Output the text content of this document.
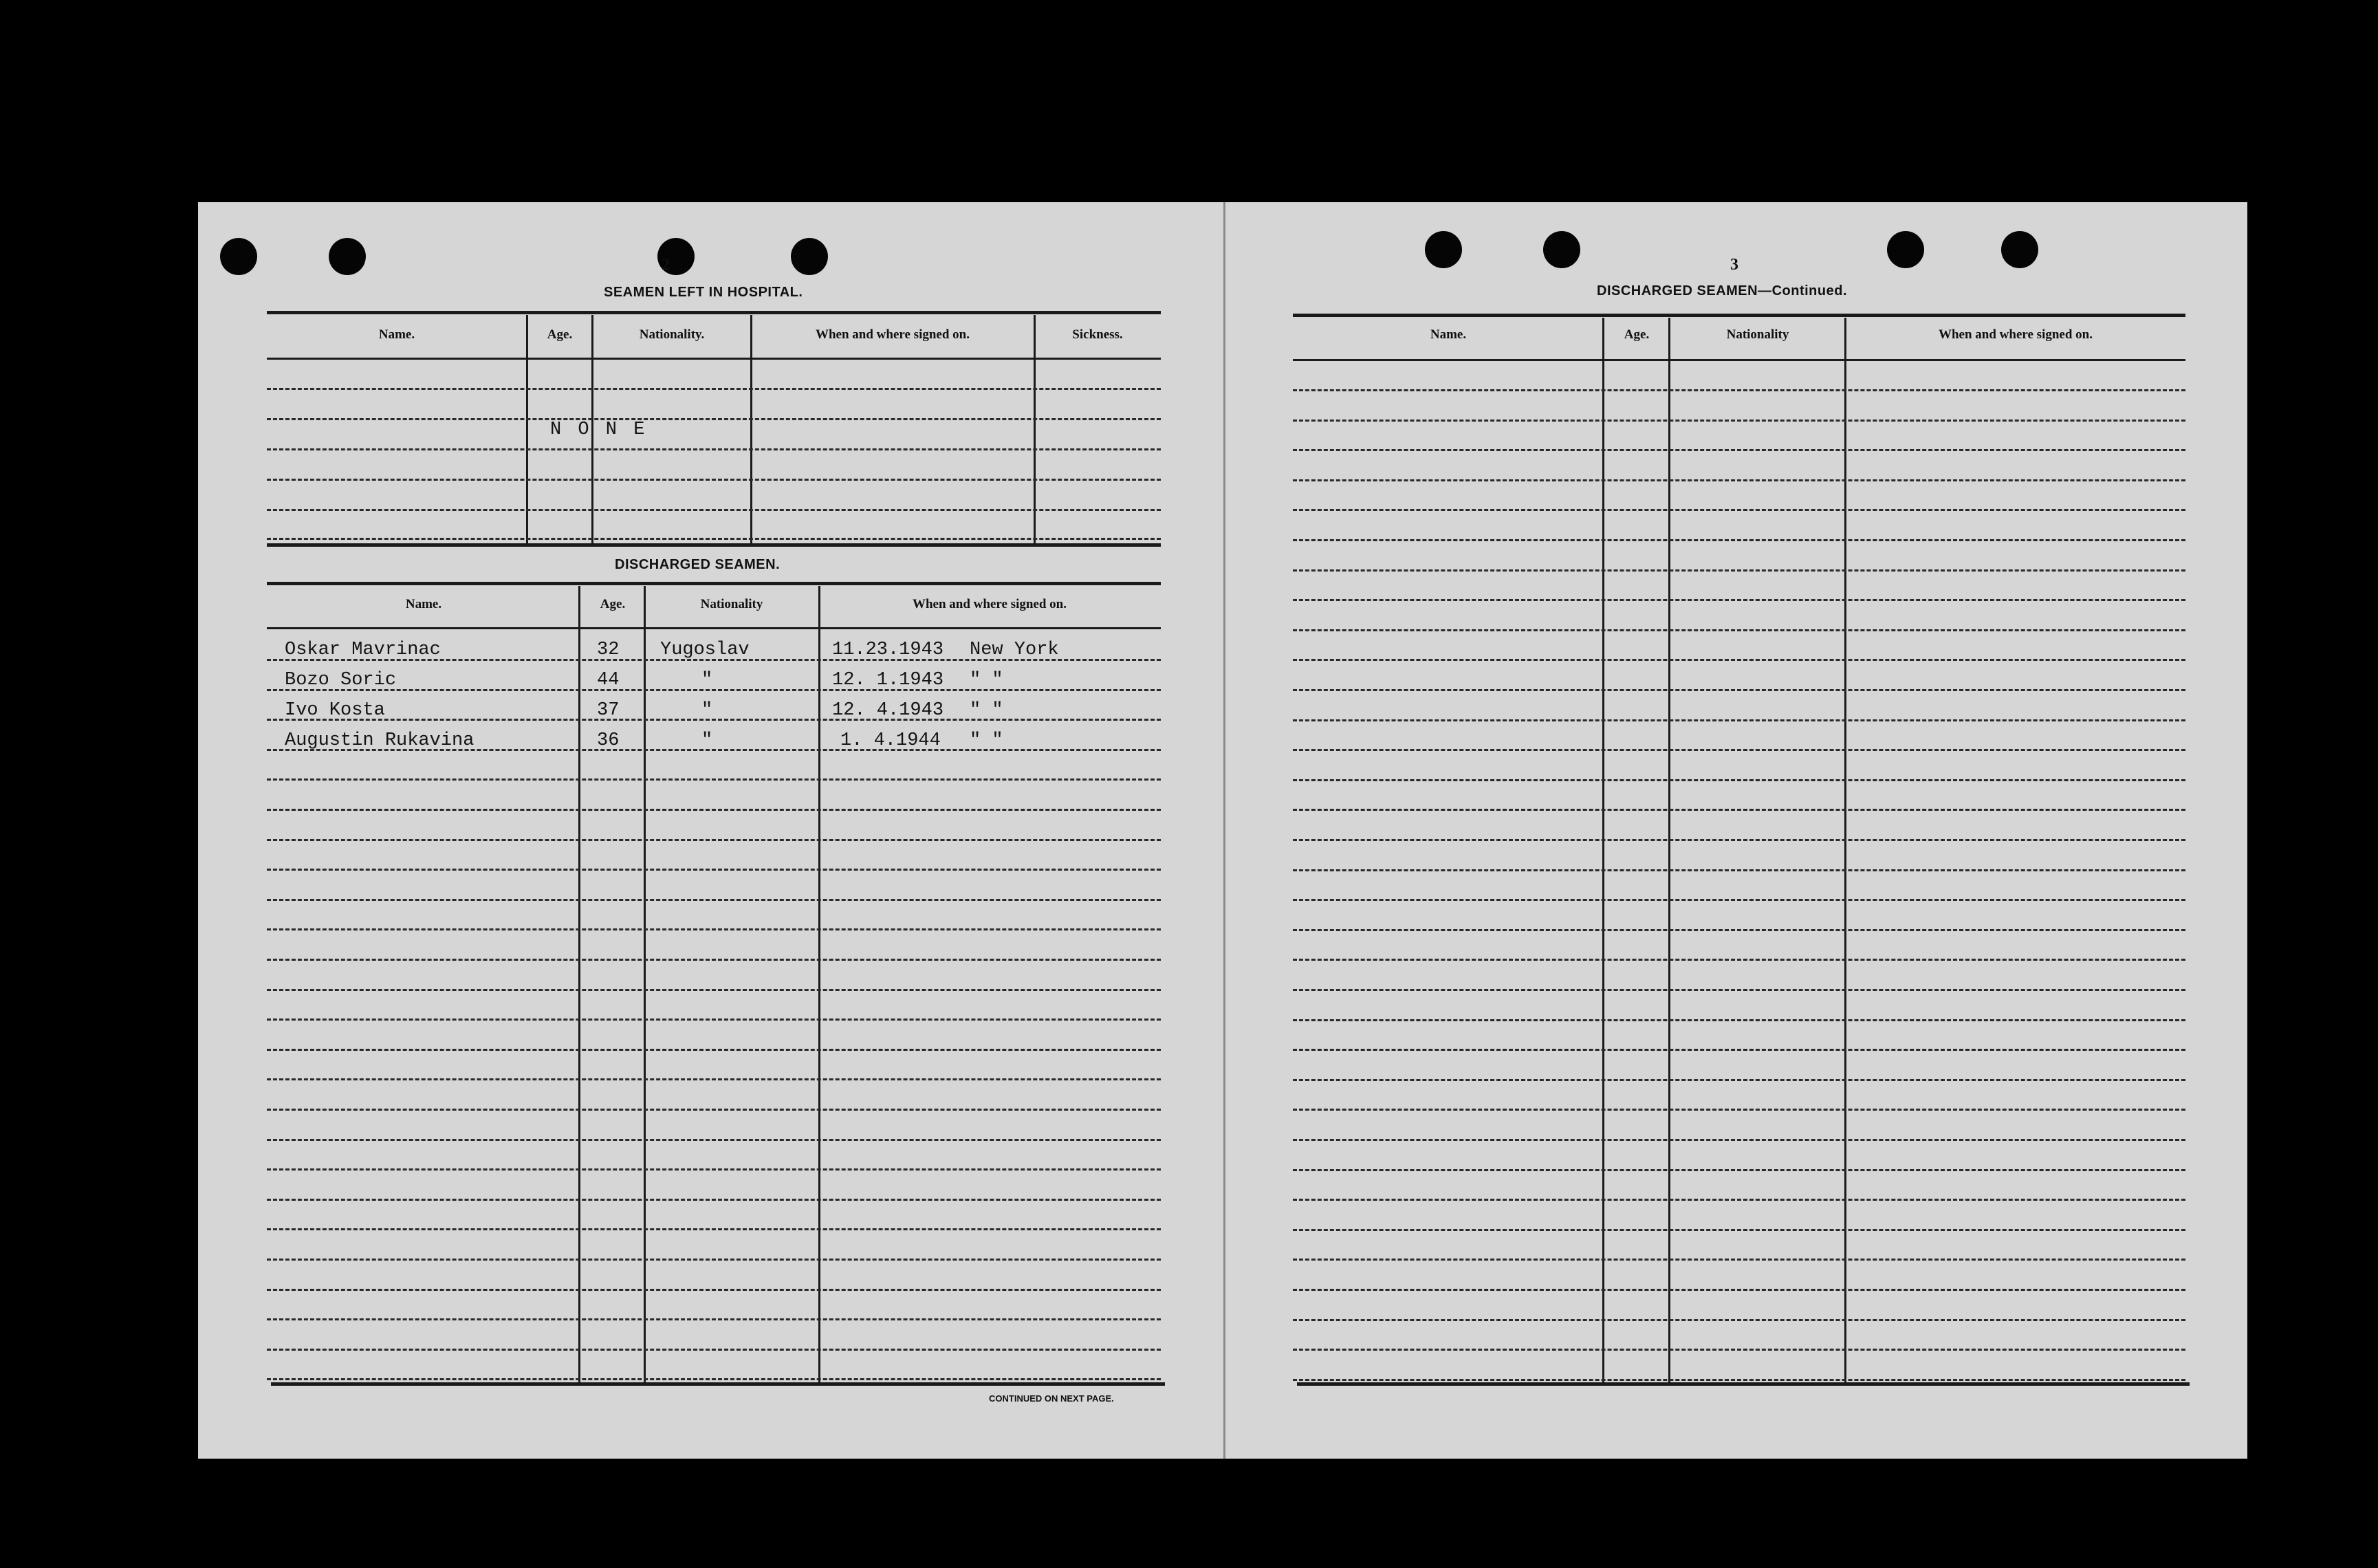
2
SEAMEN LEFT IN HOSPITAL.
Name.	Age.	Nationality.	When and where signed on.	Sickness.
N O N E
DISCHARGED SEAMEN.
Name.	Age.	Nationality	When and where signed on.
CONTINUED ON NEXT PAGE.
Oskar Mavrinac	32 Yugoslav	11.23.1943 New York
Bozo Soric	44	"	12. 1.1943 " "
Ivo Kosta	37	"	12. 4.1943 " "
Augustin Rukavina	36	"	1. 4.1944 " "
3
DISCHARGED SEAMEN—Continued.
Name.	Age.	Nationality	When and where signed on.
